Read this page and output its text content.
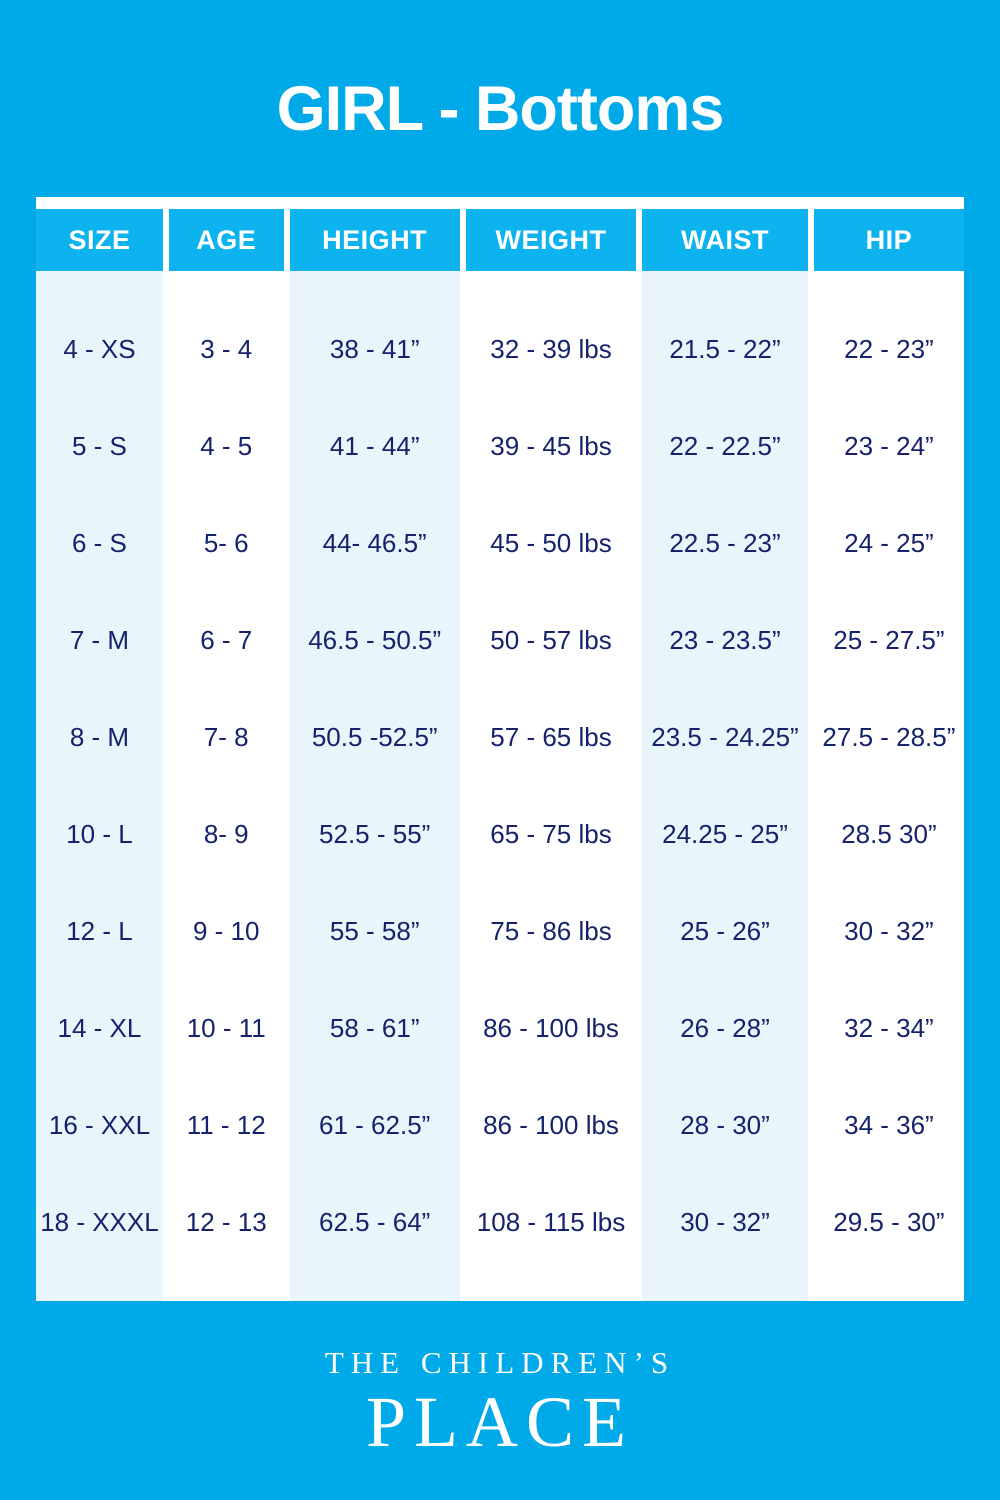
GIRL - Bottoms
SIZE	AGE	HEIGHT	WEIGHT	WAIST	HIP

4 - XS	3 - 4	38 - 41”	32 - 39 lbs	21.5 - 22”	22 - 23”
5 - S	4 - 5	41 - 44”	39 - 45 lbs	22 - 22.5”	23 - 24”
6 - S	5- 6	44- 46.5”	45 - 50 lbs	22.5 - 23”	24 - 25”
7 - M	6 - 7	46.5 - 50.5”	50 - 57 lbs	23 - 23.5”	25 - 27.5”
8 - M	7- 8	50.5 -52.5”	57 - 65 lbs	23.5 - 24.25”	27.5 - 28.5”
10 - L	8- 9	52.5 - 55”	65 - 75 lbs	24.25 - 25”	28.5 30”
12 - L	9 - 10	55 - 58”	75 - 86 lbs	25 - 26”	30 - 32”
14 - XL	10 - 11	58 - 61”	86 - 100 lbs	26 - 28”	32 - 34”
16 - XXL	11 - 12	61 - 62.5”	86 - 100 lbs	28 - 30”	34 - 36”
18 - XXXL	12 - 13	62.5 - 64”	108 - 115 lbs	30 - 32”	29.5 - 30”

THE CHILDREN’S
PLACE
